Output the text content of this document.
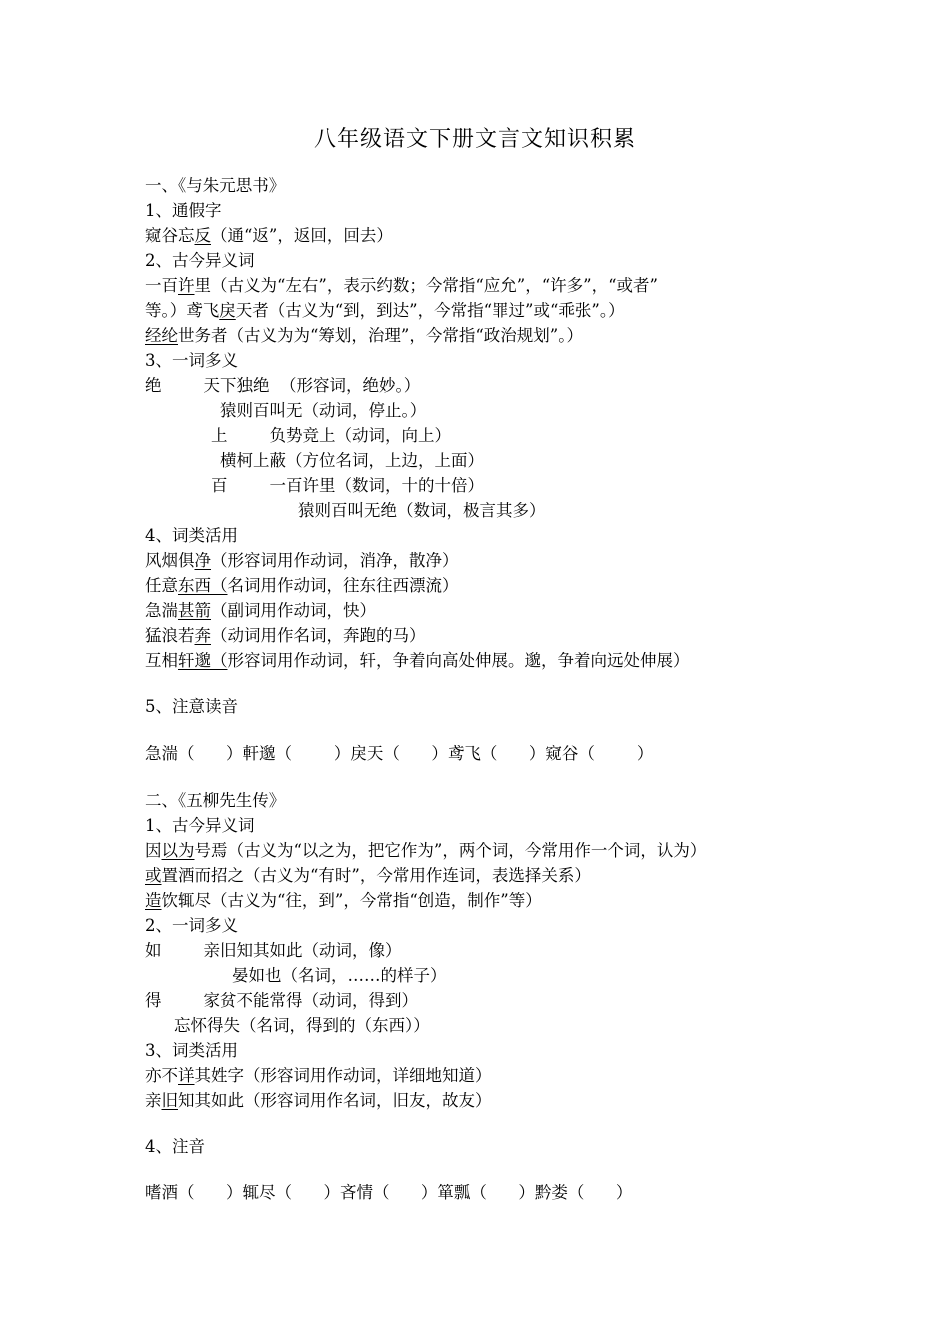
八年级语文下册文言文知识积累
一、《与朱元思书》
1、通假字
窥谷忘反（通“返”，返回，回去）
2、古今异义词
一百许里（古义为“左右”，表示约数；今常指“应允”，“许多”，“或者”
等。）鸢飞戾天者（古义为“到，到达”，今常指“罪过”或“乖张”。）
经纶世务者（古义为为“筹划，治理”，今常指“政治规划”。）
3、一词多义
绝        天下独绝  （形容词，绝妙。）
猿则百叫无（动词，停止。）
上        负势竞上（动词，向上）
横柯上蔽（方位名词，上边，上面）
百        一百许里（数词，十的十倍）
猿则百叫无绝（数词，极言其多）
4、词类活用
风烟俱净（形容词用作动词，消净，散净）
任意东西（名词用作动词，往东往西漂流）
急湍甚箭（副词用作动词，快）
猛浪若奔（动词用作名词，奔跑的马）
互相轩邈（形容词用作动词，轩，争着向高处伸展。邈，争着向远处伸展）
5、注意读音
急湍（      ）軒邈（        ）戾天（      ）鸢飞（      ）窥谷（        ）
二、《五柳先生传》
1、古今异义词
因以为号焉（古义为“以之为，把它作为”，两个词，今常用作一个词，认为）
或置酒而招之（古义为“有时”，今常用作连词，表选择关系）
造饮辄尽（古义为“往，到”，今常指“创造，制作”等）
2、一词多义
如        亲旧知其如此（动词，像）
晏如也（名词，……的样子）
得        家贫不能常得（动词，得到）
忘怀得失（名词，得到的（东西））
3、词类活用
亦不详其姓字（形容词用作动词，详细地知道）
亲旧知其如此（形容词用作名词，旧友，故友）
4、注音
嗜酒（      ）辄尽（      ）吝情（      ）箪瓢（      ）黔娄（      ）
